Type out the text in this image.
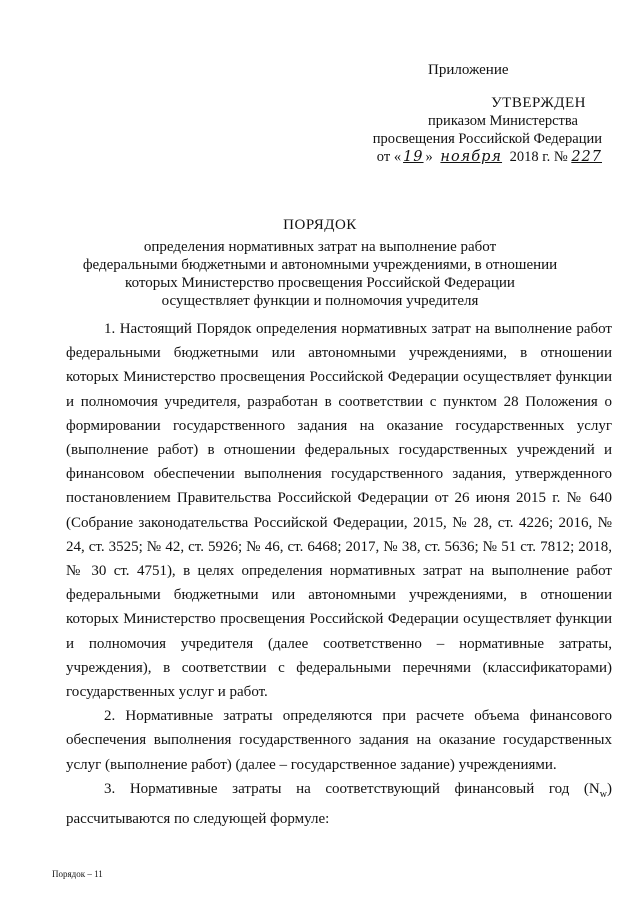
Приложение
УТВЕРЖДЕН
приказом Министерства
просвещения Российской Федерации
от « 19 » ноября 2018 г. № 227
ПОРЯДОК
определения нормативных затрат на выполнение работ
федеральными бюджетными и автономными учреждениями, в отношении
которых Министерство просвещения Российской Федерации
осуществляет функции и полномочия учредителя

1. Настоящий Порядок определения нормативных затрат на выполнение работ федеральными бюджетными или автономными учреждениями, в отношении которых Министерство просвещения Российской Федерации осуществляет функции и полномочия учредителя, разработан в соответствии с пунктом 28 Положения о формировании государственного задания на оказание государственных услуг (выполнение работ) в отношении федеральных государственных учреждений и финансовом обеспечении выполнения государственного задания, утвержденного постановлением Правительства Российской Федерации от 26 июня 2015 г. № 640 (Собрание законодательства Российской Федерации, 2015, № 28, ст. 4226; 2016, № 24, ст. 3525; № 42, ст. 5926; № 46, ст. 6468; 2017, № 38, ст. 5636; № 51 ст. 7812; 2018, № 30 ст. 4751), в целях определения нормативных затрат на выполнение работ федеральными бюджетными или автономными учреждениями, в отношении которых Министерство просвещения Российской Федерации осуществляет функции и полномочия учредителя (далее соответственно – нормативные затраты, учреждения), в соответствии с федеральными перечнями (классификаторами) государственных услуг и работ.

2. Нормативные затраты определяются при расчете объема финансового обеспечения выполнения государственного задания на оказание государственных услуг (выполнение работ) (далее – государственное задание) учреждениями.

3. Нормативные затраты на соответствующий финансовый год $(N_w)$ рассчитываются по следующей формуле:

Порядок – 11
